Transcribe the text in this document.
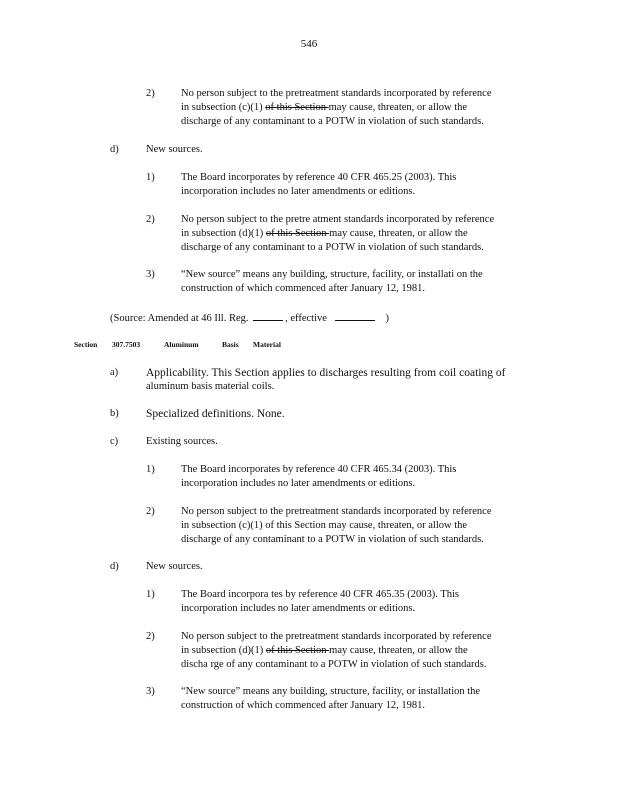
546
2)	No person subject to the pretreatment standards incorporated by reference
in subsection (c)(1) of this Section may cause, threaten, or allow the
discharge of any contaminant to a POTW in violation of such standards.
d)	New sources.
1)	The Board incorporates by reference 40 CFR 465.25 (2003). This
incorporation includes no later amendments or editions.
2)	No person subject to the pretre atment standards incorporated by reference
in subsection (d)(1) of this Section may cause, threaten, or allow the
discharge of any contaminant to a POTW in violation of such standards.
3)	“New source” means any building, structure, facility, or installati on the
construction of which commenced after January 12, 1981.
(Source: Amended at 46 Ill. Reg.	, effective	)
Section 307.7503	Aluminum	Basis Material
a) Applicability. This Section applies to discharges resulting from coil coating of
aluminum basis material coils.
b) Specialized definitions. None.
c)	Existing sources.
1)	The Board incorporates by reference 40 CFR 465.34 (2003). This
incorporation includes no later amendments or editions.
2)	No person subject to the pretreatment standards incorporated by reference
in subsection (c)(1) of this Section may cause, threaten, or allow the
discharge of any contaminant to a POTW in violation of such standards.
d)	New sources.
1)	The Board incorpora tes by reference 40 CFR 465.35 (2003). This
incorporation includes no later amendments or editions.
2)	No person subject to the pretreatment standards incorporated by reference
in subsection (d)(1) of this Section may cause, threaten, or allow the
discha rge of any contaminant to a POTW in violation of such standards.
3)	“New source” means any building, structure, facility, or installation the
construction of which commenced after January 12, 1981.
